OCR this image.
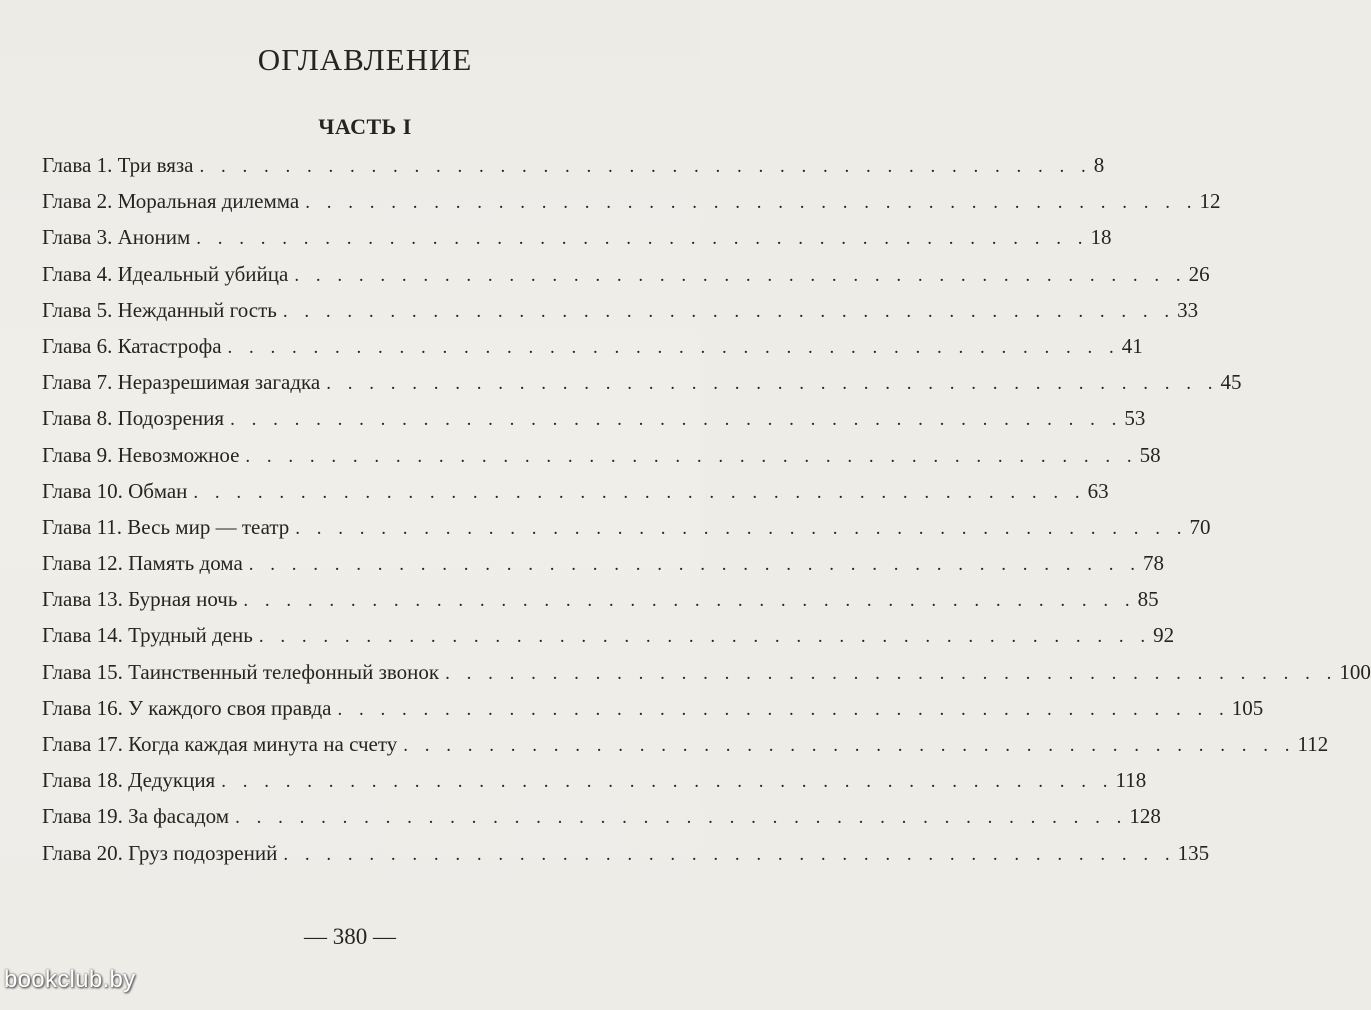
ОГЛАВЛЕНИЕ
ЧАСТЬ I
Глава 1. Три вяза . . . . . . . . . . . . . . . . . . . . . . . . . . . . . . . . . . . . . . . . . . 8
Глава 2. Моральная дилемма . . . . . . . . . . . . . . . . . . . . . . . . . . . . . . . . . . . . . . . . . . 12
Глава 3. Аноним . . . . . . . . . . . . . . . . . . . . . . . . . . . . . . . . . . . . . . . . . . 18
Глава 4. Идеальный убийца . . . . . . . . . . . . . . . . . . . . . . . . . . . . . . . . . . . . . . . . . . 26
Глава 5. Нежданный гость . . . . . . . . . . . . . . . . . . . . . . . . . . . . . . . . . . . . . . . . . . 33
Глава 6. Катастрофа . . . . . . . . . . . . . . . . . . . . . . . . . . . . . . . . . . . . . . . . . . 41
Глава 7. Неразрешимая загадка . . . . . . . . . . . . . . . . . . . . . . . . . . . . . . . . . . . . . . . . . . 45
Глава 8. Подозрения . . . . . . . . . . . . . . . . . . . . . . . . . . . . . . . . . . . . . . . . . . 53
Глава 9. Невозможное . . . . . . . . . . . . . . . . . . . . . . . . . . . . . . . . . . . . . . . . . . 58
Глава 10. Обман . . . . . . . . . . . . . . . . . . . . . . . . . . . . . . . . . . . . . . . . . . 63
Глава 11. Весь мир — театр . . . . . . . . . . . . . . . . . . . . . . . . . . . . . . . . . . . . . . . . . . 70
Глава 12. Память дома . . . . . . . . . . . . . . . . . . . . . . . . . . . . . . . . . . . . . . . . . . 78
Глава 13. Бурная ночь . . . . . . . . . . . . . . . . . . . . . . . . . . . . . . . . . . . . . . . . . . 85
Глава 14. Трудный день . . . . . . . . . . . . . . . . . . . . . . . . . . . . . . . . . . . . . . . . . . 92
Глава 15. Таинственный телефонный звонок . . . . . . . . . . . . . . . . . . . . . . . . . . . . . . . . . . . . . . . . . . 100
Глава 16. У каждого своя правда . . . . . . . . . . . . . . . . . . . . . . . . . . . . . . . . . . . . . . . . . . 105
Глава 17. Когда каждая минута на счету . . . . . . . . . . . . . . . . . . . . . . . . . . . . . . . . . . . . . . . . . . 112
Глава 18. Дедукция . . . . . . . . . . . . . . . . . . . . . . . . . . . . . . . . . . . . . . . . . . 118
Глава 19. За фасадом . . . . . . . . . . . . . . . . . . . . . . . . . . . . . . . . . . . . . . . . . . 128
Глава 20. Груз подозрений . . . . . . . . . . . . . . . . . . . . . . . . . . . . . . . . . . . . . . . . . . 135
— 380 —
bookclub.by
